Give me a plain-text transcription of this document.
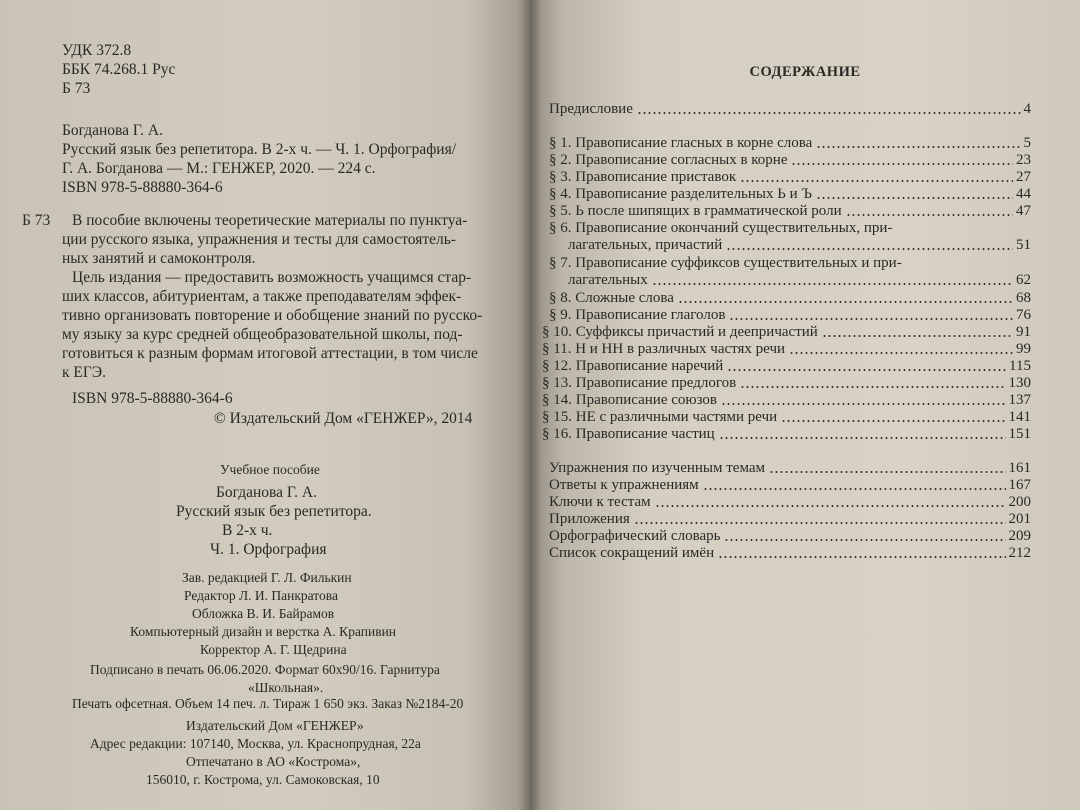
УДК 372.8
ББК 74.268.1 Рус
Б 73
Богданова Г. А.
Русский язык без репетитора. В 2-х ч. — Ч. 1. Орфография/
Г. А. Богданова — М.: ГЕНЖЕР, 2020. — 224 с.
ISBN 978-5-88880-364-6
Б 73 В пособие включены теоретические материалы по пунктуа-
ции русского языка, упражнения и тесты для самостоятель-
ных занятий и самоконтроля.
Цель издания — предоставить возможность учащимся стар-
ших классов, абитуриентам, а также преподавателям эффек-
тивно организовать повторение и обобщение знаний по русско-
му языку за курс средней общеобразовательной школы, под-
готовиться к разным формам итоговой аттестации, в том числе
к ЕГЭ.
ISBN 978-5-88880-364-6
© Издательский Дом «ГЕНЖЕР», 2014
Учебное пособие
Богданова Г. А.
Русский язык без репетитора.
В 2-х ч.
Ч. 1. Орфография
Зав. редакцией Г. Л. Филькин
Редактор Л. И. Панкратова
Обложка В. И. Байрамов
Компьютерный дизайн и верстка А. Крапивин
Корректор А. Г. Щедрина
Подписано в печать 06.06.2020. Формат 60х90/16. Гарнитура
«Школьная».
Печать офсетная. Объем 14 печ. л. Тираж 1 650 экз. Заказ №2184-20
Издательский Дом «ГЕНЖЕР»
Адрес редакции: 107140, Москва, ул. Краснопрудная, 22а
Отпечатано в АО «Кострома»,
156010, г. Кострома, ул. Самоковская, 10
СОДЕРЖАНИЕ
Предисловие	4
§ 1. Правописание гласных в корне слова	5
§ 2. Правописание согласных в корне	23
§ 3. Правописание приставок	27
§ 4. Правописание разделительных Ь и Ъ	44
§ 5. Ь после шипящих в грамматической роли	47
§ 6. Правописание окончаний существительных, при-
лагательных, причастий	51
§ 7. Правописание суффиксов существительных и при-
лагательных	62
§ 8. Сложные слова	68
§ 9. Правописание глаголов	76
§ 10. Суффиксы причастий и деепричастий	91
§ 11. Н и НН в различных частях речи	99
§ 12. Правописание наречий	115
§ 13. Правописание предлогов	130
§ 14. Правописание союзов	137
§ 15. НЕ с различными частями речи	141
§ 16. Правописание частиц	151
Упражнения по изученным темам	161
Ответы к упражнениям	167
Ключи к тестам	200
Приложения	201
Орфографический словарь	209
Список сокращений имён	212
